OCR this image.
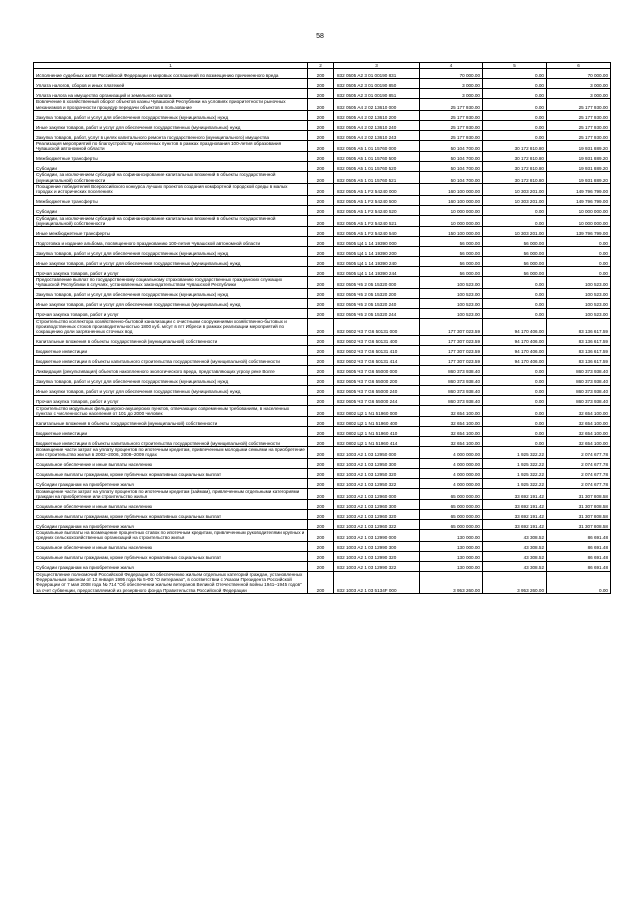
58
1	2	3	4	5	6
Исполнение судебных актов Российской Федерации и мировых соглашений по возмещению причиненного вреда	200	832 0505 А2 3 01 00190 831	70 000.00	0.00	70 000.00
Уплата налогов, сборов и иных платежей	200	832 0505 А2 3 01 00190 850	3 000.00	0.00	3 000.00
Уплата налога на имущество организаций и земельного налога	200	832 0505 А2 3 01 00190 851	3 000.00	0.00	3 000.00
Вовлечение в хозяйственный оборот объектов казны Чувашской Республики на условиях приоритетности рыночных механизмов и прозрачности процедур передачи объектов в пользование	200	832 0505 А4 2 02 13610 000	25 177 930.00	0.00	25 177 930.00
Закупка товаров, работ и услуг для обеспечения государственных (муниципальных) нужд	200	832 0505 А4 2 02 13610 200	25 177 930.00	0.00	25 177 930.00
Иные закупки товаров, работ и услуг для обеспечения государственных (муниципальных) нужд	200	832 0505 А4 2 02 13610 240	25 177 930.00	0.00	25 177 930.00
Закупка товаров, работ, услуг в целях капитального ремонта государственного (муниципального) имущества	200	832 0505 А4 2 02 13610 243	25 177 930.00	0.00	25 177 930.00
Реализация мероприятий по благоустройству населенных пунктов в рамках празднования 100-летия образования Чувашской автономной области	200	832 0505 А5 1 01 15760 000	50 104 700.00	30 172 810.80	19 931 889.20
Межбюджетные трансферты	200	832 0505 А5 1 01 15760 500	50 104 700.00	30 172 810.80	19 931 889.20
Субсидии	200	832 0505 А5 1 01 15760 520	50 104 700.00	30 172 810.80	19 931 889.20
Субсидии, за исключением субсидий на софинансирование капитальных вложений в объекты государственной (муниципальной) собственности	200	832 0505 А5 1 01 15760 521	50 104 700.00	30 172 810.80	19 931 889.20
Поощрение победителей Всероссийского конкурса лучших проектов создания комфортной городской среды в малых городах и исторических поселениях	200	832 0505 А5 1 F2 54240 000	160 100 000.00	10 303 201.00	149 796 799.00
Межбюджетные трансферты	200	832 0505 А5 1 F2 54240 500	160 100 000.00	10 303 201.00	149 796 799.00
Субсидии	200	832 0505 А5 1 F2 54240 520	10 000 000.00	0.00	10 000 000.00
Субсидии, за исключением субсидий на софинансирование капитальных вложений в объекты государственной (муниципальной) собственности	200	832 0505 А5 1 F2 54240 521	10 000 000.00	0.00	10 000 000.00
Иные межбюджетные трансферты	200	832 0505 А5 1 F2 54240 540	150 100 000.00	10 303 201.00	139 796 799.00
Подготовка и издание альбома, посвященного празднованию 100-летия Чувашской автономной области	200	832 0505 Ц4 1 14 19390 000	56 000.00	56 000.00	0.00
Закупка товаров, работ и услуг для обеспечения государственных (муниципальных) нужд	200	832 0505 Ц4 1 14 19390 200	56 000.00	56 000.00	0.00
Иные закупки товаров, работ и услуг для обеспечения государственных (муниципальных) нужд	200	832 0505 Ц4 1 14 19390 240	56 000.00	56 000.00	0.00
Прочая закупка товаров, работ и услуг	200	832 0505 Ц4 1 14 19390 244	56 000.00	56 000.00	0.00
Предоставление выплат по государственному социальному страхованию государственных гражданских служащих Чувашской Республики в случаях, установленных законодательством Чувашской Республики	200	832 0505 Ч5 2 05 15320 000	100 523.00	0.00	100 523.00
Закупка товаров, работ и услуг для обеспечения государственных (муниципальных) нужд	200	832 0505 Ч5 2 05 15320 200	100 523.00	0.00	100 523.00
Иные закупки товаров, работ и услуг для обеспечения государственных (муниципальных) нужд	200	832 0505 Ч5 2 05 15320 240	100 523.00	0.00	100 523.00
Прочая закупка товаров, работ и услуг	200	832 0505 Ч5 2 05 15320 244	100 523.00	0.00	100 523.00
Строительство коллектора хозяйственно-бытовой канализации с очистными сооружениями хозяйственно-бытовых и производственных стоков производительностью 1800 куб. м/сут в пгт Ибреси в рамках реализации мероприятий по сокращению доли загрязненных сточных вод	200	832 0602 Ч3 7 G6 50131 000	177 307 023.59	94 170 406.00	83 136 617.59
Капитальные вложения в объекты государственной (муниципальной) собственности	200	832 0602 Ч3 7 G6 50131 400	177 307 023.59	94 170 406.00	83 136 617.59
Бюджетные инвестиции	200	832 0602 Ч3 7 G6 50131 410	177 307 023.59	94 170 406.00	83 136 617.59
Бюджетные инвестиции в объекты капитального строительства государственной (муниципальной) собственности	200	832 0602 Ч3 7 G6 50131 414	177 307 023.59	94 170 406.00	83 136 617.59
Ликвидация (рекультивация) объектов накопленного экологического вреда, представляющих угрозу реке Волге	200	832 0605 Ч3 7 G6 55000 000	860 373 938.40	0.00	860 373 938.40
Закупка товаров, работ и услуг для обеспечения государственных (муниципальных) нужд	200	832 0605 Ч3 7 G6 55000 200	860 373 938.40	0.00	860 373 938.40
Иные закупки товаров, работ и услуг для обеспечения государственных (муниципальных) нужд	200	832 0605 Ч3 7 G6 55000 240	860 373 938.40	0.00	860 373 938.40
Прочая закупка товаров, работ и услуг	200	832 0605 Ч3 7 G6 55000 244	860 373 938.40	0.00	860 373 938.40
Строительство модульных фельдшерско-акушерских пунктов, отвечающих современным требованиям, в населенных пунктах с численностью населения от 101 до 2000 человек	200	832 0802 Ц2 1 N1 51960 000	32 654 100.00	0.00	32 654 100.00
Капитальные вложения в объекты государственной (муниципальной) собственности	200	832 0802 Ц2 1 N1 51960 400	32 654 100.00	0.00	32 654 100.00
Бюджетные инвестиции	200	832 0802 Ц2 1 N1 51960 410	32 654 100.00	0.00	32 654 100.00
Бюджетные инвестиции в объекты капитального строительства государственной (муниципальной) собственности	200	832 0802 Ц2 1 N1 51960 414	32 654 100.00	0.00	32 654 100.00
Возмещение части затрат на уплату процентов по ипотечным кредитам, привлеченным молодыми семьями на приобретение или строительство жилья в 2002–2006, 2008–2009 годах	200	832 1003 А2 1 03 12950 000	4 000 000.00	1 925 322.22	2 074 677.78
Социальное обеспечение и иные выплаты населению	200	832 1003 А2 1 03 12950 300	4 000 000.00	1 925 322.22	2 074 677.78
Социальные выплаты гражданам, кроме публичных нормативных социальных выплат	200	832 1003 А2 1 03 12950 320	4 000 000.00	1 925 322.22	2 074 677.78
Субсидии гражданам на приобретение жилья	200	832 1003 А2 1 03 12950 322	4 000 000.00	1 925 322.22	2 074 677.78
Возмещение части затрат на уплату процентов по ипотечным кредитам (займам), привлеченным отдельными категориями граждан на приобретение или строительство жилья	200	832 1003 А2 1 03 12960 000	65 000 000.00	33 692 191.42	31 307 808.58
Социальное обеспечение и иные выплаты населению	200	832 1003 А2 1 03 12960 300	65 000 000.00	33 692 191.42	31 307 808.58
Социальные выплаты гражданам, кроме публичных нормативных социальных выплат	200	832 1003 А2 1 03 12960 320	65 000 000.00	33 692 191.42	31 307 808.58
Субсидии гражданам на приобретение жилья	200	832 1003 А2 1 03 12960 322	65 000 000.00	33 692 191.42	31 307 808.58
Социальные выплаты на возмещение процентных ставок по ипотечным кредитам, привлеченным руководителями крупных и средних сельскохозяйственных организаций на строительство жилья	200	832 1003 А2 1 03 12990 000	130 000.00	43 308.52	86 691.48
Социальное обеспечение и иные выплаты населению	200	832 1003 А2 1 03 12990 300	130 000.00	43 308.52	86 691.48
Социальные выплаты гражданам, кроме публичных нормативных социальных выплат	200	832 1003 А2 1 03 12990 320	130 000.00	43 308.52	86 691.48
Субсидии гражданам на приобретение жилья	200	832 1003 А2 1 03 12990 322	130 000.00	43 308.52	86 691.48
Осуществление полномочий Российской Федерации по обеспечению жильем отдельных категорий граждан, установленных Федеральным законом от 12 января 1995 года № 5-ФЗ "О ветеранах", в соответствии с Указом Президента Российской Федерации от 7 мая 2008 года № 714 "Об обеспечении жильем ветеранов Великой Отечественной войны 1941–1945 годов" за счет субвенции, предоставляемой из резервного фонда Правительства Российской Федерации	200	832 1003 А2 1 03 5134F 000	3 953 260.00	3 953 260.00	0.00
